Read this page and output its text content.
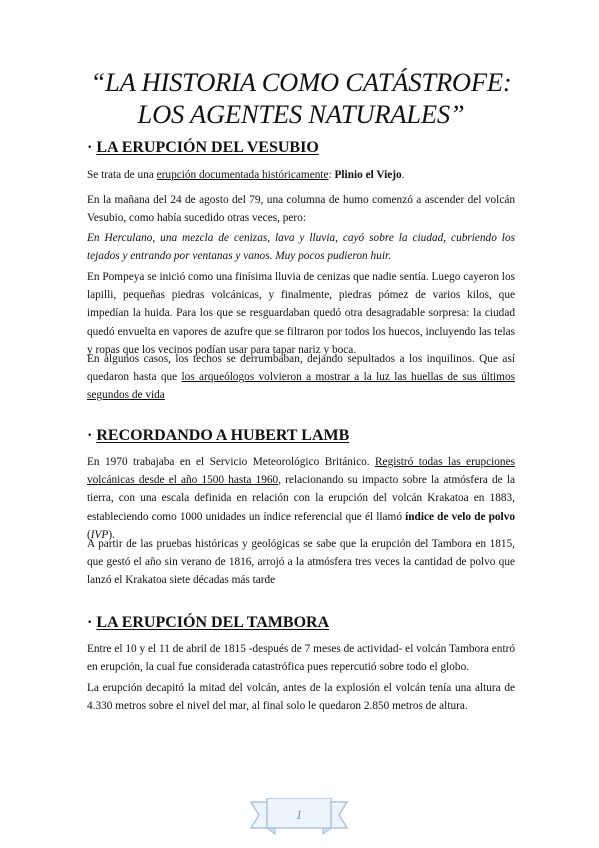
“LA HISTORIA COMO CATÁSTROFE:
LOS AGENTES NATURALES”
· LA ERUPCIÓN DEL VESUBIO

Se trata de una erupción documentada históricamente: Plinio el Viejo.

En la mañana del 24 de agosto del 79, una columna de humo comenzó a ascender del volcán Vesubio, como había sucedido otras veces, pero:

En Herculano, una mezcla de cenizas, lava y lluvia, cayó sobre la ciudad, cubriendo los tejados y entrando por ventanas y vanos. Muy pocos pudieron huir.

En Pompeya se inició como una finísima lluvia de cenizas que nadie sentía. Luego cayeron los lapilli, pequeñas piedras volcánicas, y finalmente, piedras pómez de varios kilos, que impedían la huida. Para los que se resguardaban quedó otra desagradable sorpresa: la ciudad quedó envuelta en vapores de azufre que se filtraron por todos los huecos, incluyendo las telas y ropas que los vecinos podían usar para tapar nariz y boca.

En algunos casos, los techos se derrumbaban, dejando sepultados a los inquilinos. Que así quedaron hasta que los arqueólogos volvieron a mostrar a la luz las huellas de sus últimos segundos de vida

· RECORDANDO A HUBERT LAMB

En 1970 trabajaba en el Servicio Meteorológico Británico. Registró todas las erupciones volcánicas desde el año 1500 hasta 1960, relacionando su impacto sobre la atmósfera de la tierra, con una escala definida en relación con la erupción del volcán Krakatoa en 1883, estableciendo como 1000 unidades un índice referencial que él llamó índice de velo de polvo (IVP).

A partir de las pruebas históricas y geológicas se sabe que la erupción del Tambora en 1815, que gestó el año sin verano de 1816, arrojó a la atmósfera tres veces la cantidad de polvo que lanzó el Krakatoa siete décadas más tarde

· LA ERUPCIÓN DEL TAMBORA

Entre el 10 y el 11 de abril de 1815 -después de 7 meses de actividad- el volcán Tambora entró en erupción, la cual fue considerada catastrófica pues repercutió sobre todo el globo.

La erupción decapitó la mitad del volcán, antes de la explosión el volcán tenía una altura de 4.330 metros sobre el nivel del mar, al final solo le quedaron 2.850 metros de altura.

1
